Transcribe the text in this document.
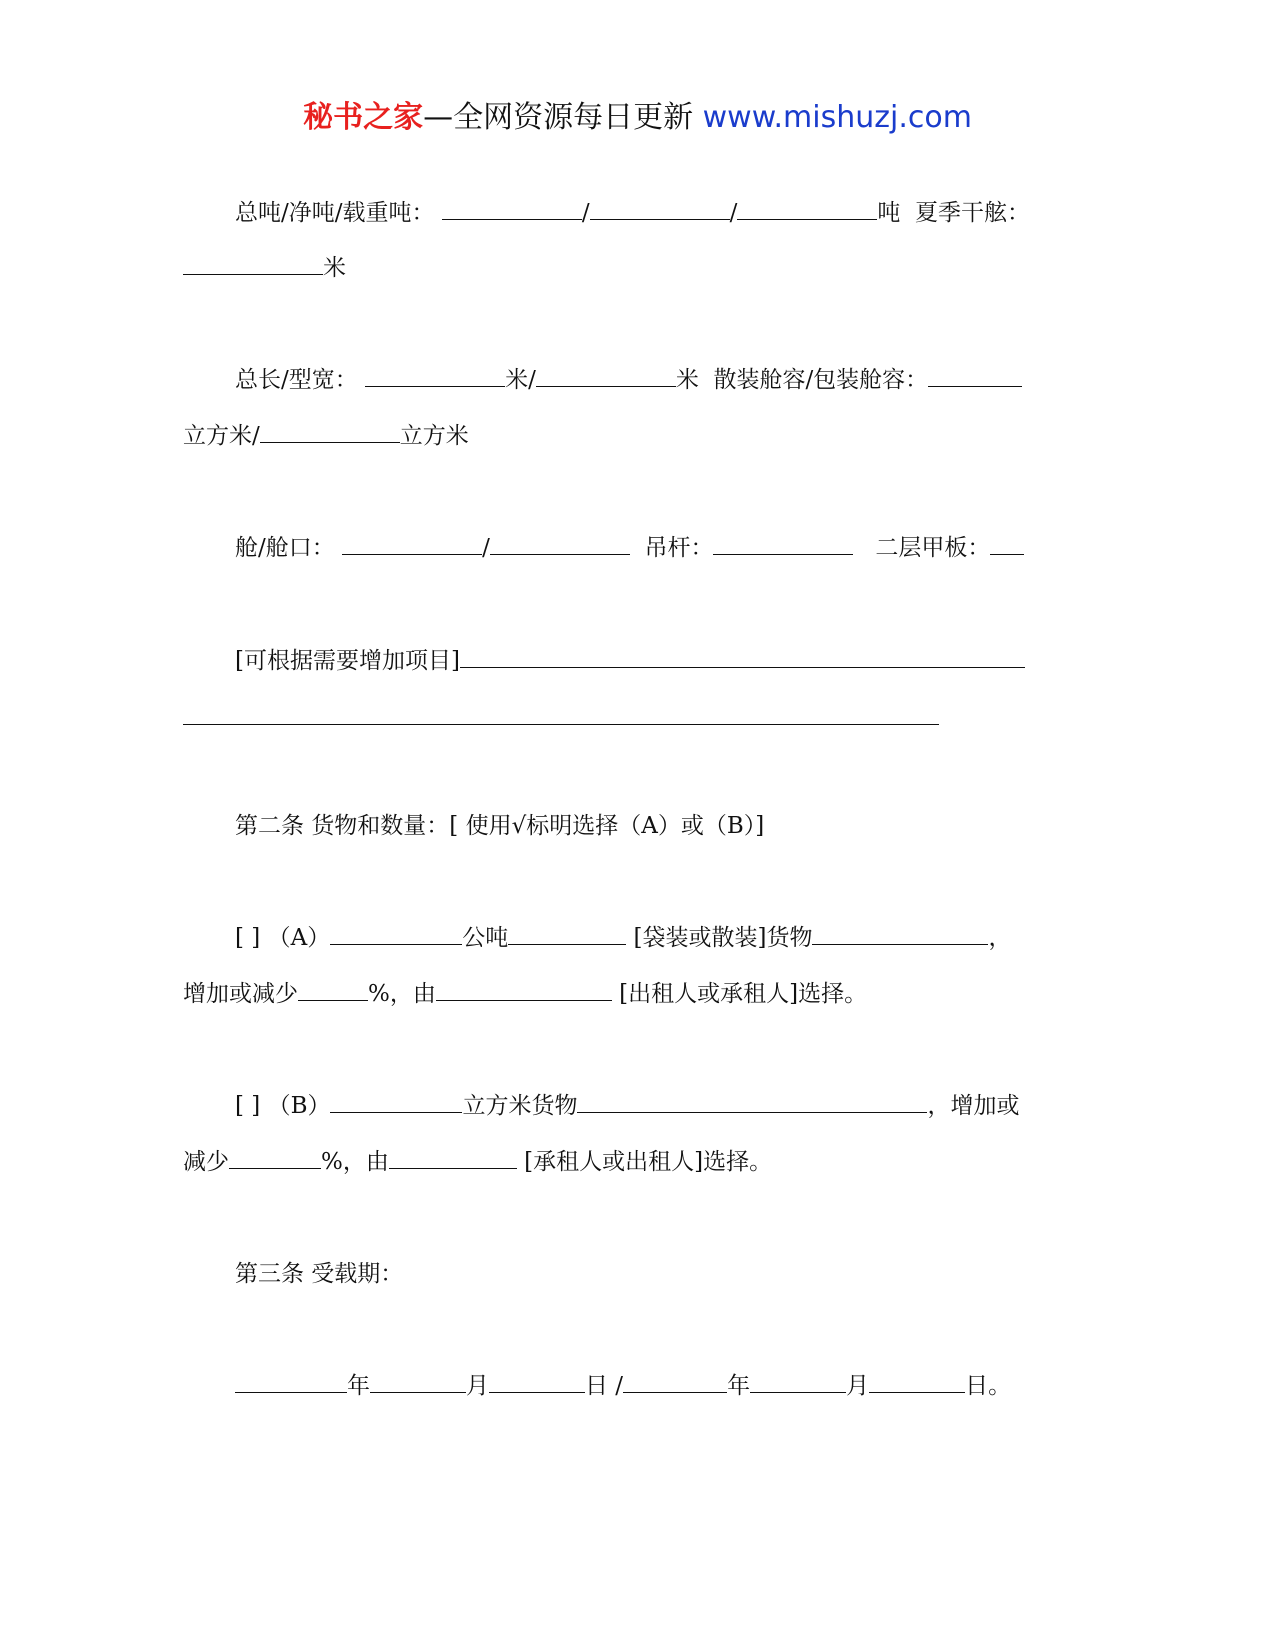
秘书之家—全网资源每日更新 www.mishuzj.com
总吨/净吨/载重吨：	/	/	吨 夏季干舷：
米
总长/型宽：	米/	米 散装舱容/包装舱容：
立方米/	立方米
舱/舱口：	/	吊杆：	二层甲板：
[可根据需要增加项目]
第二条 货物和数量：[ 使用√标明选择（A）或（B）]
[ ] （A）	公吨	[袋装或散装]货物	，
增加或减少	%，由	[出租人或承租人]选择。
[ ] （B）	立方米货物	，增加或
减少	%，由	[承租人或出租人]选择。
第三条 受载期：
年	月	日 /	年	月	日。
